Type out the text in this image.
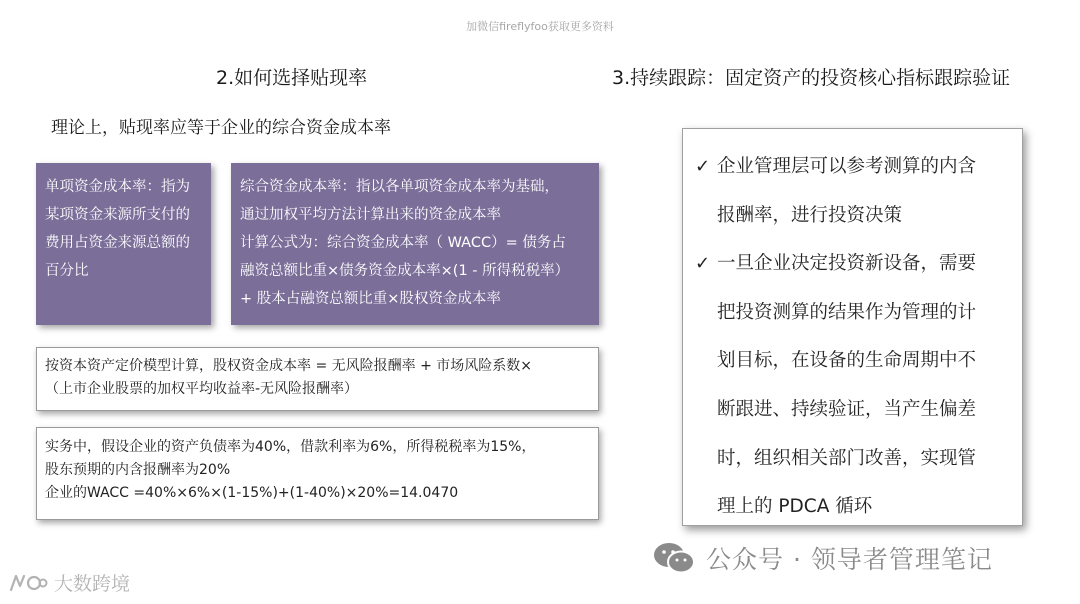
加微信fireflyfoo获取更多资料
2.如何选择贴现率	3.持续跟踪：固定资产的投资核心指标跟踪验证
理论上，贴现率应等于企业的综合资金成本率

单项资金成本率：指为

某项资金来源所支付的

费用占资金来源总额的

百分比

综合资金成本率：指以各单项资金成本率为基础，

通过加权平均方法计算出来的资金成本率

计算公式为：综合资金成本率（ WACC）= 债务占

融资总额比重×债务资金成本率×(1 - 所得税税率）

+ 股本占融资总额比重×股权资金成本率

按资本资产定价模型计算，股权资金成本率 = 无风险报酬率 + 市场风险系数×

（上市企业股票的加权平均收益率-无风险报酬率）

实务中，假设企业的资产负债率为40%，借款利率为6%，所得税税率为15%，

股东预期的内含报酬率为20%

企业的WACC =40%×6%×(1-15%)+(1-40%)×20%=14.0470

✓ 企业管理层可以参考测算的内含
报酬率，进行投资决策
✓ 一旦企业决定投资新设备，需要
把投资测算的结果作为管理的计
划目标，在设备的生命周期中不
断跟进、持续验证，当产生偏差
时，组织相关部门改善，实现管
理上的 PDCA 循环
公众号 · 领导者管理笔记
大数跨境
